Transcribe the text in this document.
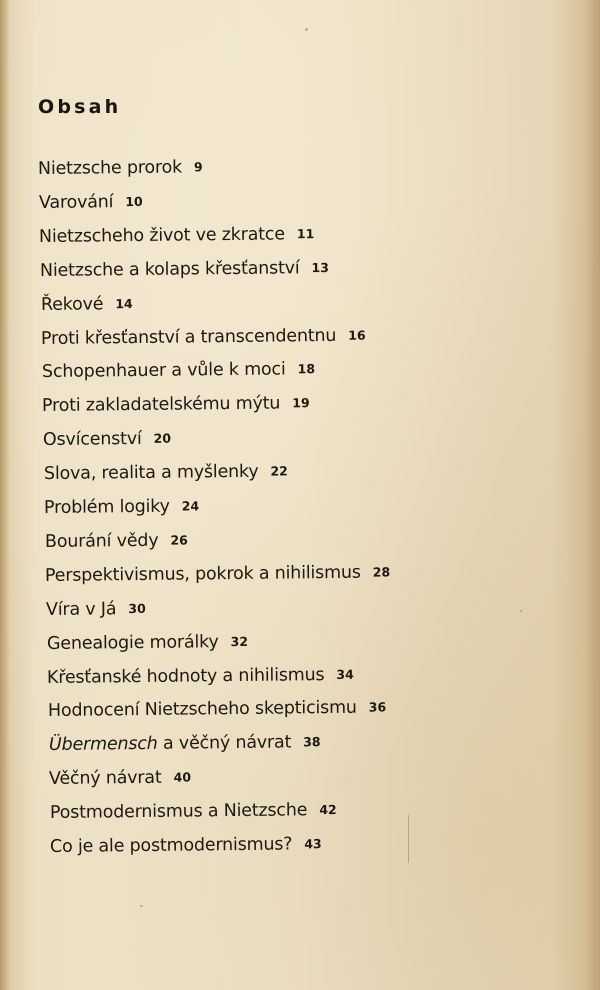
Obsah
Nietzsche prorok 9
Varování 10
Nietzscheho život ve zkratce 11
Nietzsche a kolaps křesťanství 13
Řekové 14
Proti křesťanství a transcendentnu 16
Schopenhauer a vůle k moci 18
Proti zakladatelskému mýtu 19
Osvícenství 20
Slova, realita a myšlenky 22
Problém logiky 24
Bourání vědy 26
Perspektivismus, pokrok a nihilismus 28
Víra v Já 30
Genealogie morálky 32
Křesťanské hodnoty a nihilismus 34
Hodnocení Nietzscheho skepticismu 36
Übermensch a věčný návrat 38
Věčný návrat 40
Postmodernismus a Nietzsche 42
Co je ale postmodernismus? 43
